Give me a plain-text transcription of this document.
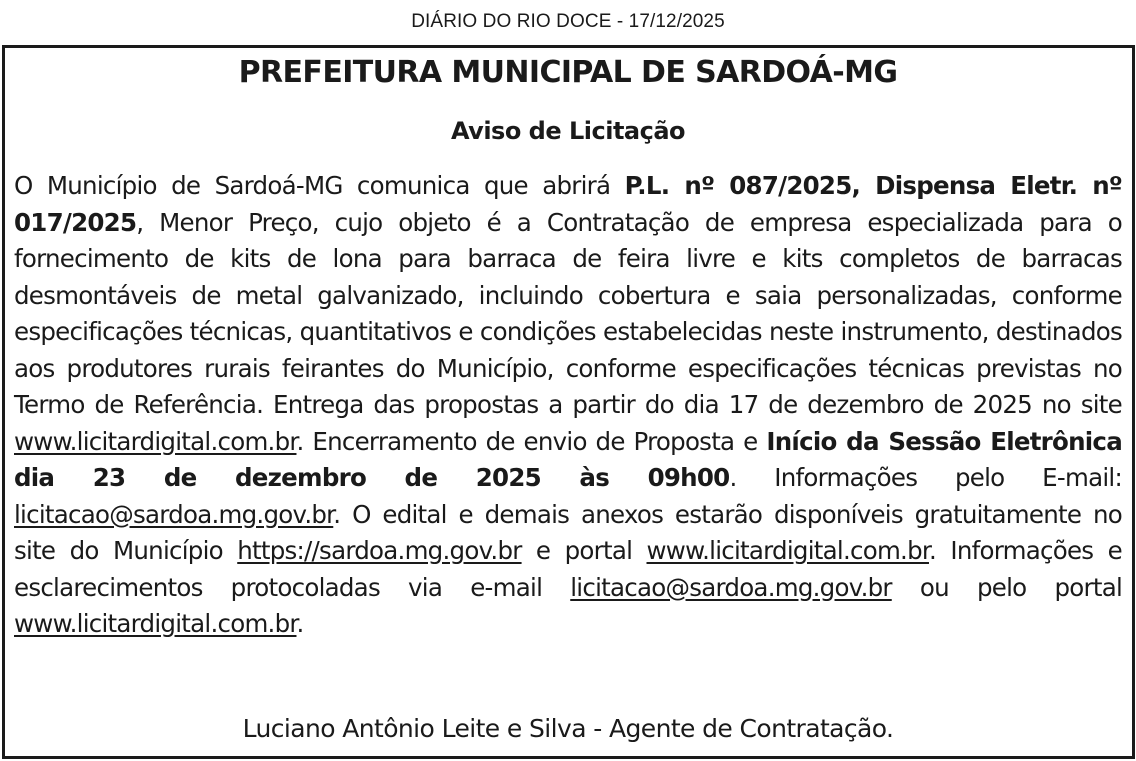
DIÁRIO DO RIO DOCE - 17/12/2025
PREFEITURA MUNICIPAL DE SARDOÁ-MG
Aviso de Licitação
O Município de Sardoá-MG comunica que abrirá P.L. nº 087/2025, Dispensa Eletr. nº 017/2025, Menor Preço, cujo objeto é a Contratação de empresa especializada para o fornecimento de kits de lona para barraca de feira livre e kits completos de barracas desmontáveis de metal galvanizado, incluindo cobertura e saia personalizadas, conforme especificações técnicas, quantitativos e condições estabelecidas neste instrumento, destinados aos produtores rurais feirantes do Município, conforme especificações técnicas previstas no Termo de Referência. Entrega das propostas a partir do dia 17 de dezembro de 2025 no site www.licitardigital.com.br. Encerramento de envio de Proposta e Início da Sessão Eletrônica dia 23 de dezembro de 2025 às 09h00. Informações pelo E-mail: licitacao@sardoa.mg.gov.br. O edital e demais anexos estarão disponíveis gratuitamente no site do Município https://sardoa.mg.gov.br e portal www.licitardigital.com.br. Informações e esclarecimentos protocoladas via e-mail licitacao@sardoa.mg.gov.br ou pelo portal www.licitardigital.com.br.
Luciano Antônio Leite e Silva - Agente de Contratação.
